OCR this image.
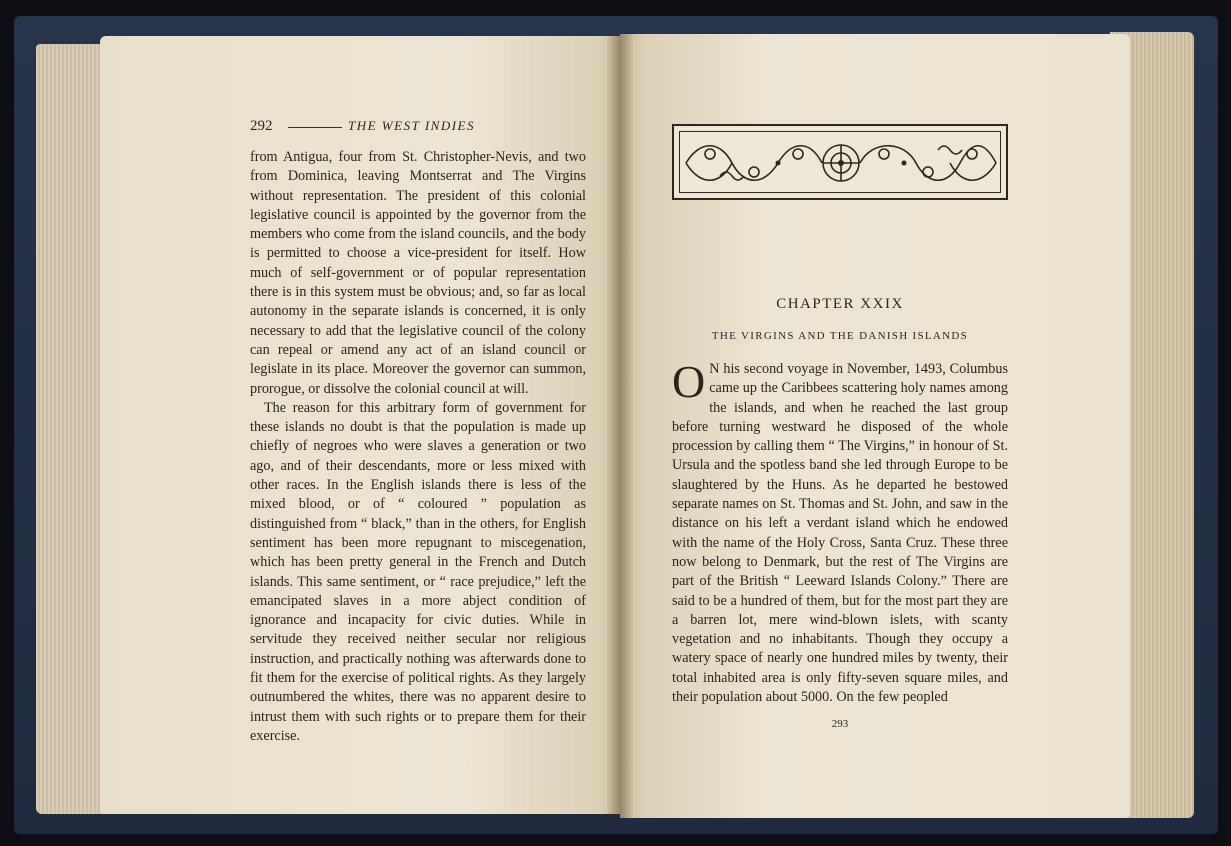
292	THE WEST INDIES

from Antigua, four from St. Christopher-Nevis, and two from Dominica, leaving Montserrat and The Virgins without representation. The president of this colonial legislative council is appointed by the governor from the members who come from the island councils, and the body is permitted to choose a vice-president for itself. How much of self-government or of popular representation there is in this system must be obvious; and, so far as local autonomy in the separate islands is concerned, it is only necessary to add that the legislative council of the colony can repeal or amend any act of an island council or legislate in its place. Moreover the governor can summon, prorogue, or dissolve the colonial council at will.

The reason for this arbitrary form of government for these islands no doubt is that the population is made up chiefly of negroes who were slaves a generation or two ago, and of their descendants, more or less mixed with other races. In the English islands there is less of the mixed blood, or of “ coloured ” population as distinguished from “ black,” than in the others, for English sentiment has been more repugnant to miscegenation, which has been pretty general in the French and Dutch islands. This same sentiment, or “ race prejudice,” left the emancipated slaves in a more abject condition of ignorance and incapacity for civic duties. While in servitude they received neither secular nor religious instruction, and practically nothing was afterwards done to fit them for the exercise of political rights. As they largely outnumbered the whites, there was no apparent desire to intrust them with such rights or to prepare them for their exercise.

CHAPTER XXIX
THE VIRGINS AND THE DANISH ISLANDS
O N his second voyage in November, 1493, Columbus came up the Caribbees scattering holy names among the islands, and when he reached the last group before turning westward he disposed of the whole procession by calling them “ The Virgins,” in honour of St. Ursula and the spotless band she led through Europe to be slaughtered by the Huns. As he departed he bestowed separate names on St. Thomas and St. John, and saw in the distance on his left a verdant island which he endowed with the name of the Holy Cross, Santa Cruz. These three now belong to Denmark, but the rest of The Virgins are part of the British “ Leeward Islands Colony.” There are said to be a hundred of them, but for the most part they are a barren lot, mere wind-blown islets, with scanty vegetation and no inhabitants. Though they occupy a watery space of nearly one hundred miles by twenty, their total inhabited area is only fifty-seven square miles, and their population about 5000. On the few peopled
293
